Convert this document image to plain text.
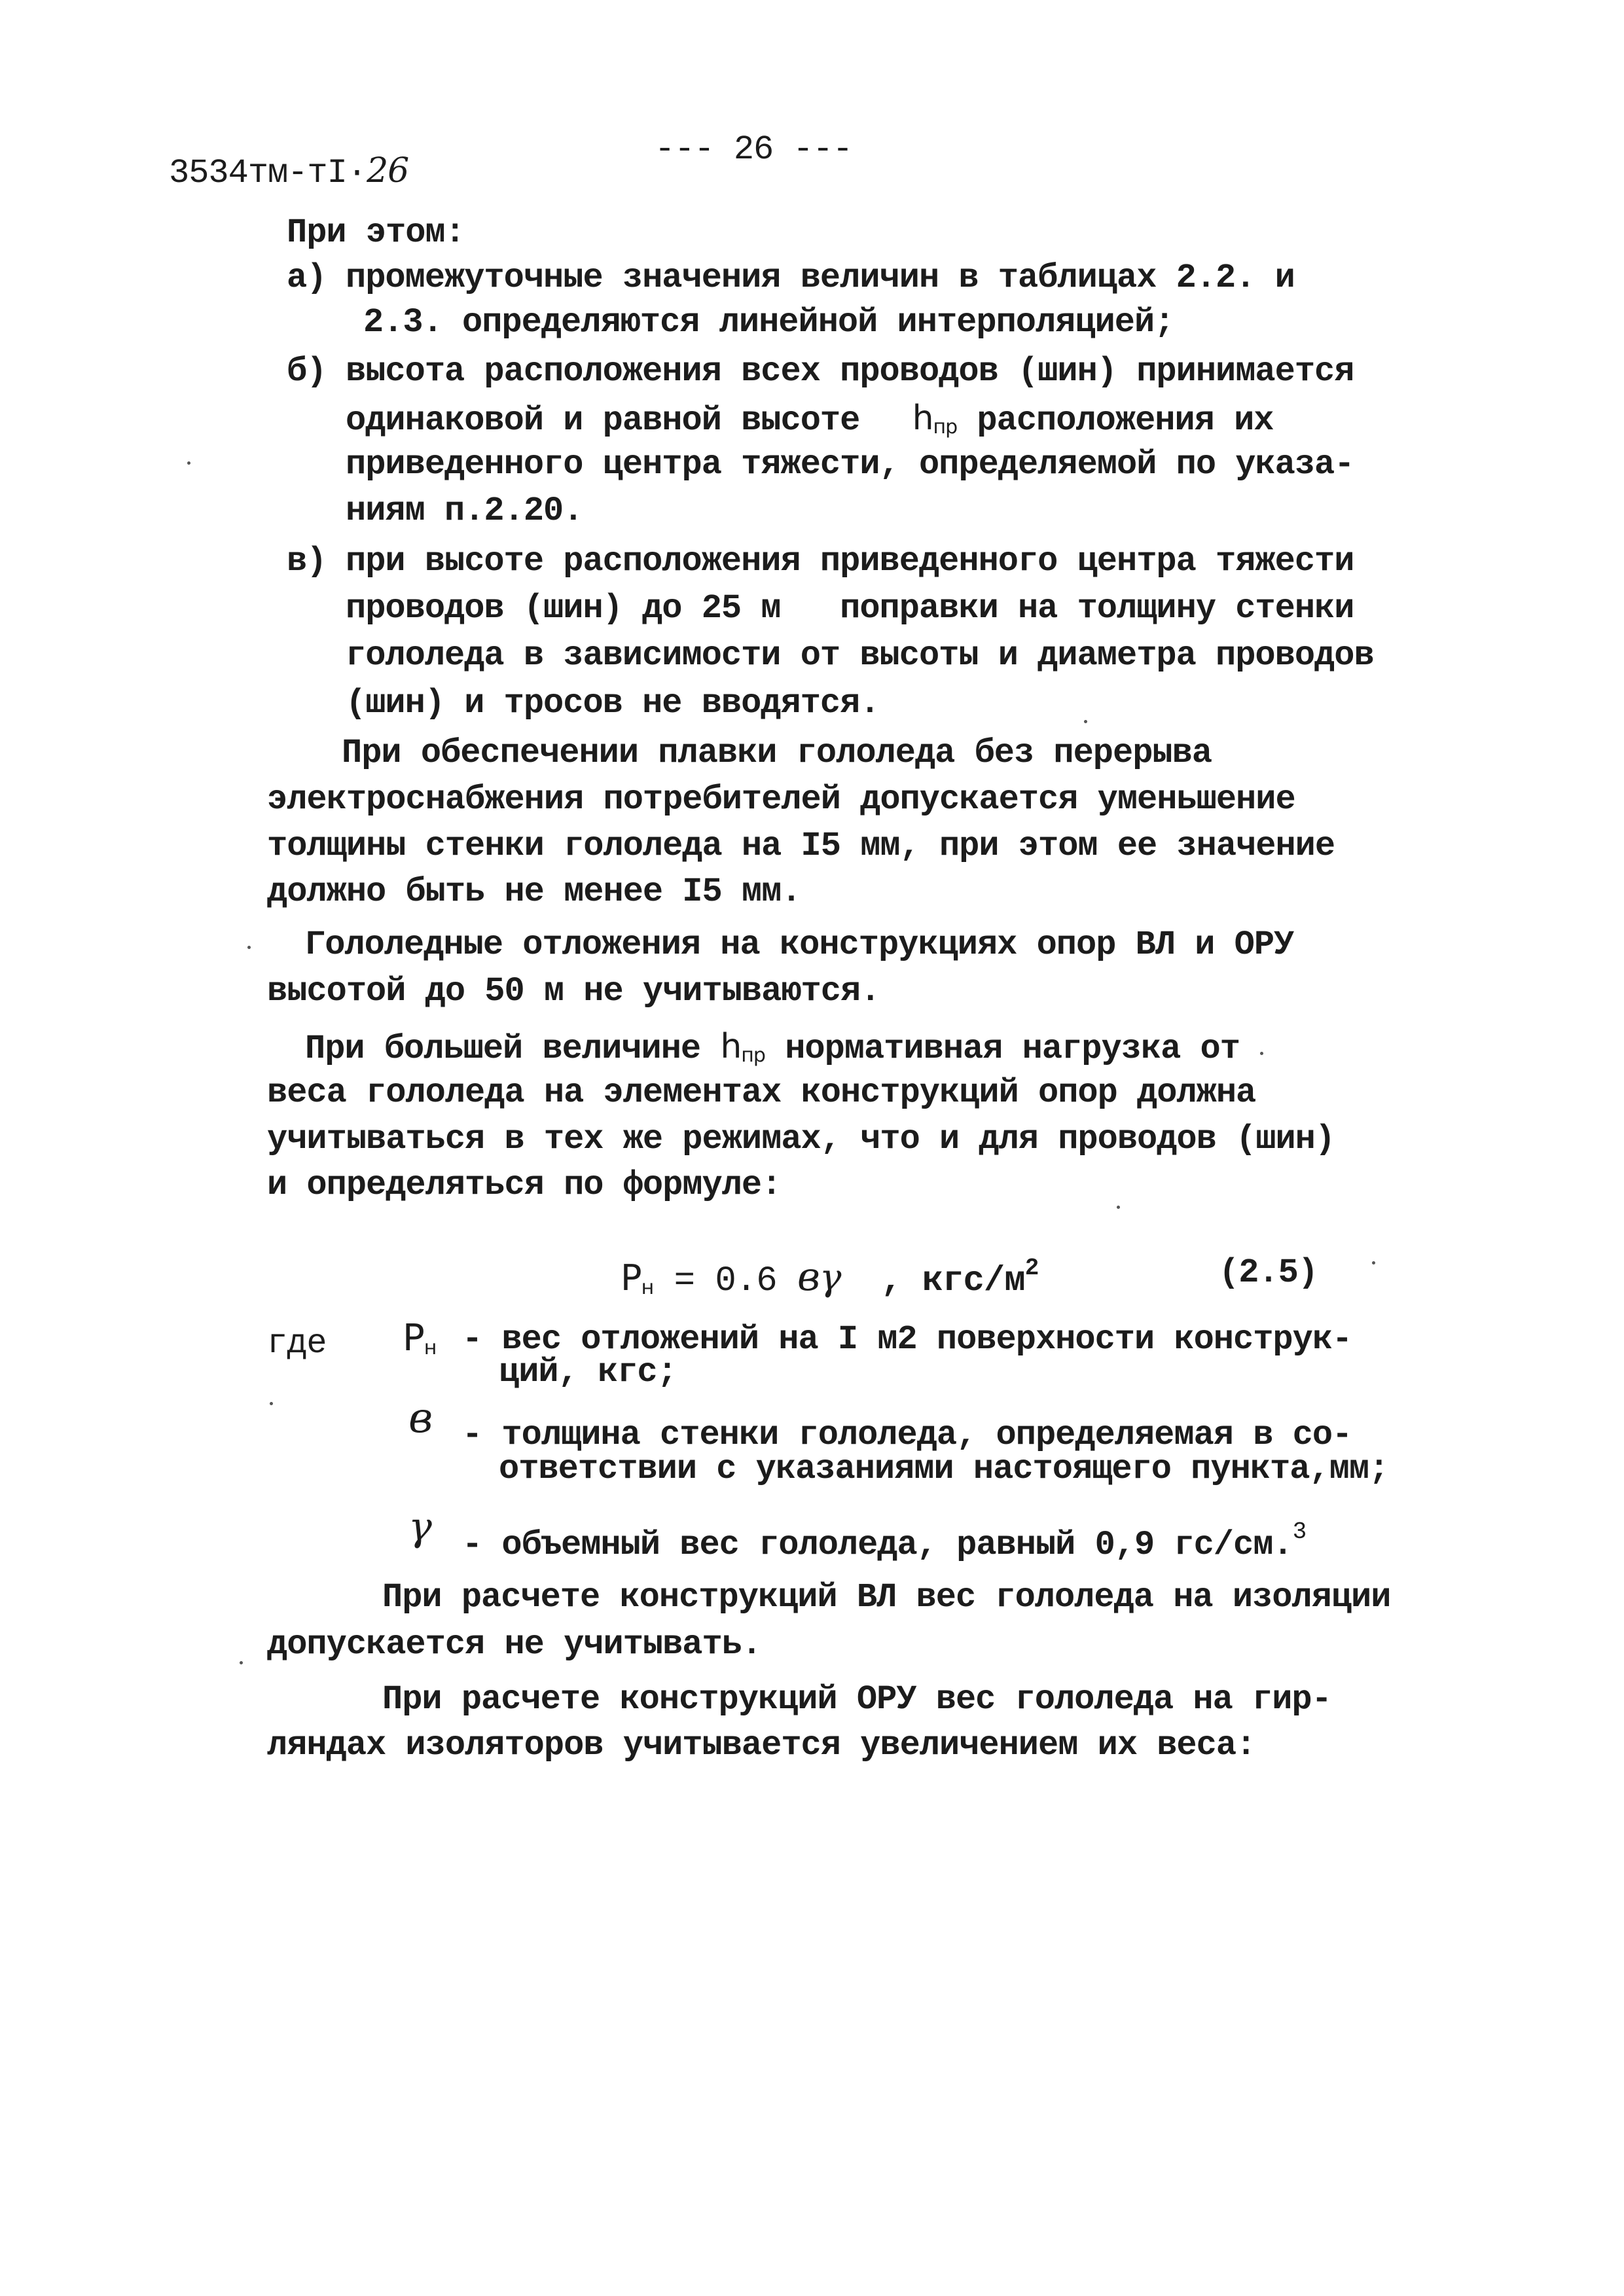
3534тм-тI·26
--- 26 ---
При этом:
а) промежуточные значения величин в таблицах 2.2. и
2.3. определяются линейной интерполяцией;
б) высота расположения всех проводов (шин) принимается
одинаковой и равной высоте $h_{пр}$ расположения их
приведенного центра тяжести, определяемой по указа-
ниям п.2.20.
в) при высоте расположения приведенного центра тяжести
проводов (шин) до 25 м   поправки на толщину стенки
гололеда в зависимости от высоты и диаметра проводов
(шин) и тросов не вводятся.
При обеспечении плавки гололеда без перерыва
электроснабжения потребителей допускается уменьшение
толщины стенки гололеда на I5 мм, при этом ее значение
должно быть не менее I5 мм.
Гололедные отложения на конструкциях опор ВЛ и ОРУ
высотой до 50 м не учитываются.
При большей величине $h_{пр}$ нормативная нагрузка от
веса гололеда на элементах конструкций опор должна
учитываться в тех же режимах, что и для проводов (шин)
и определяться по формуле:
$P_н = 0.6$ вγ , кгс/$м^2$	(2.5)
где $P_н$ - вес отложений на I м2 поверхности конструк-
ций, кгс;
в - толщина стенки гололеда, определяемая в со-
ответствии с указаниями настоящего пункта,мм;
γ - объемный вес гололеда, равный 0,9 гс/см.$^3$
При расчете конструкций ВЛ вес гололеда на изоляции
допускается не учитывать.
При расчете конструкций ОРУ вес гололеда на гир-
ляндах изоляторов учитывается увеличением их веса:
